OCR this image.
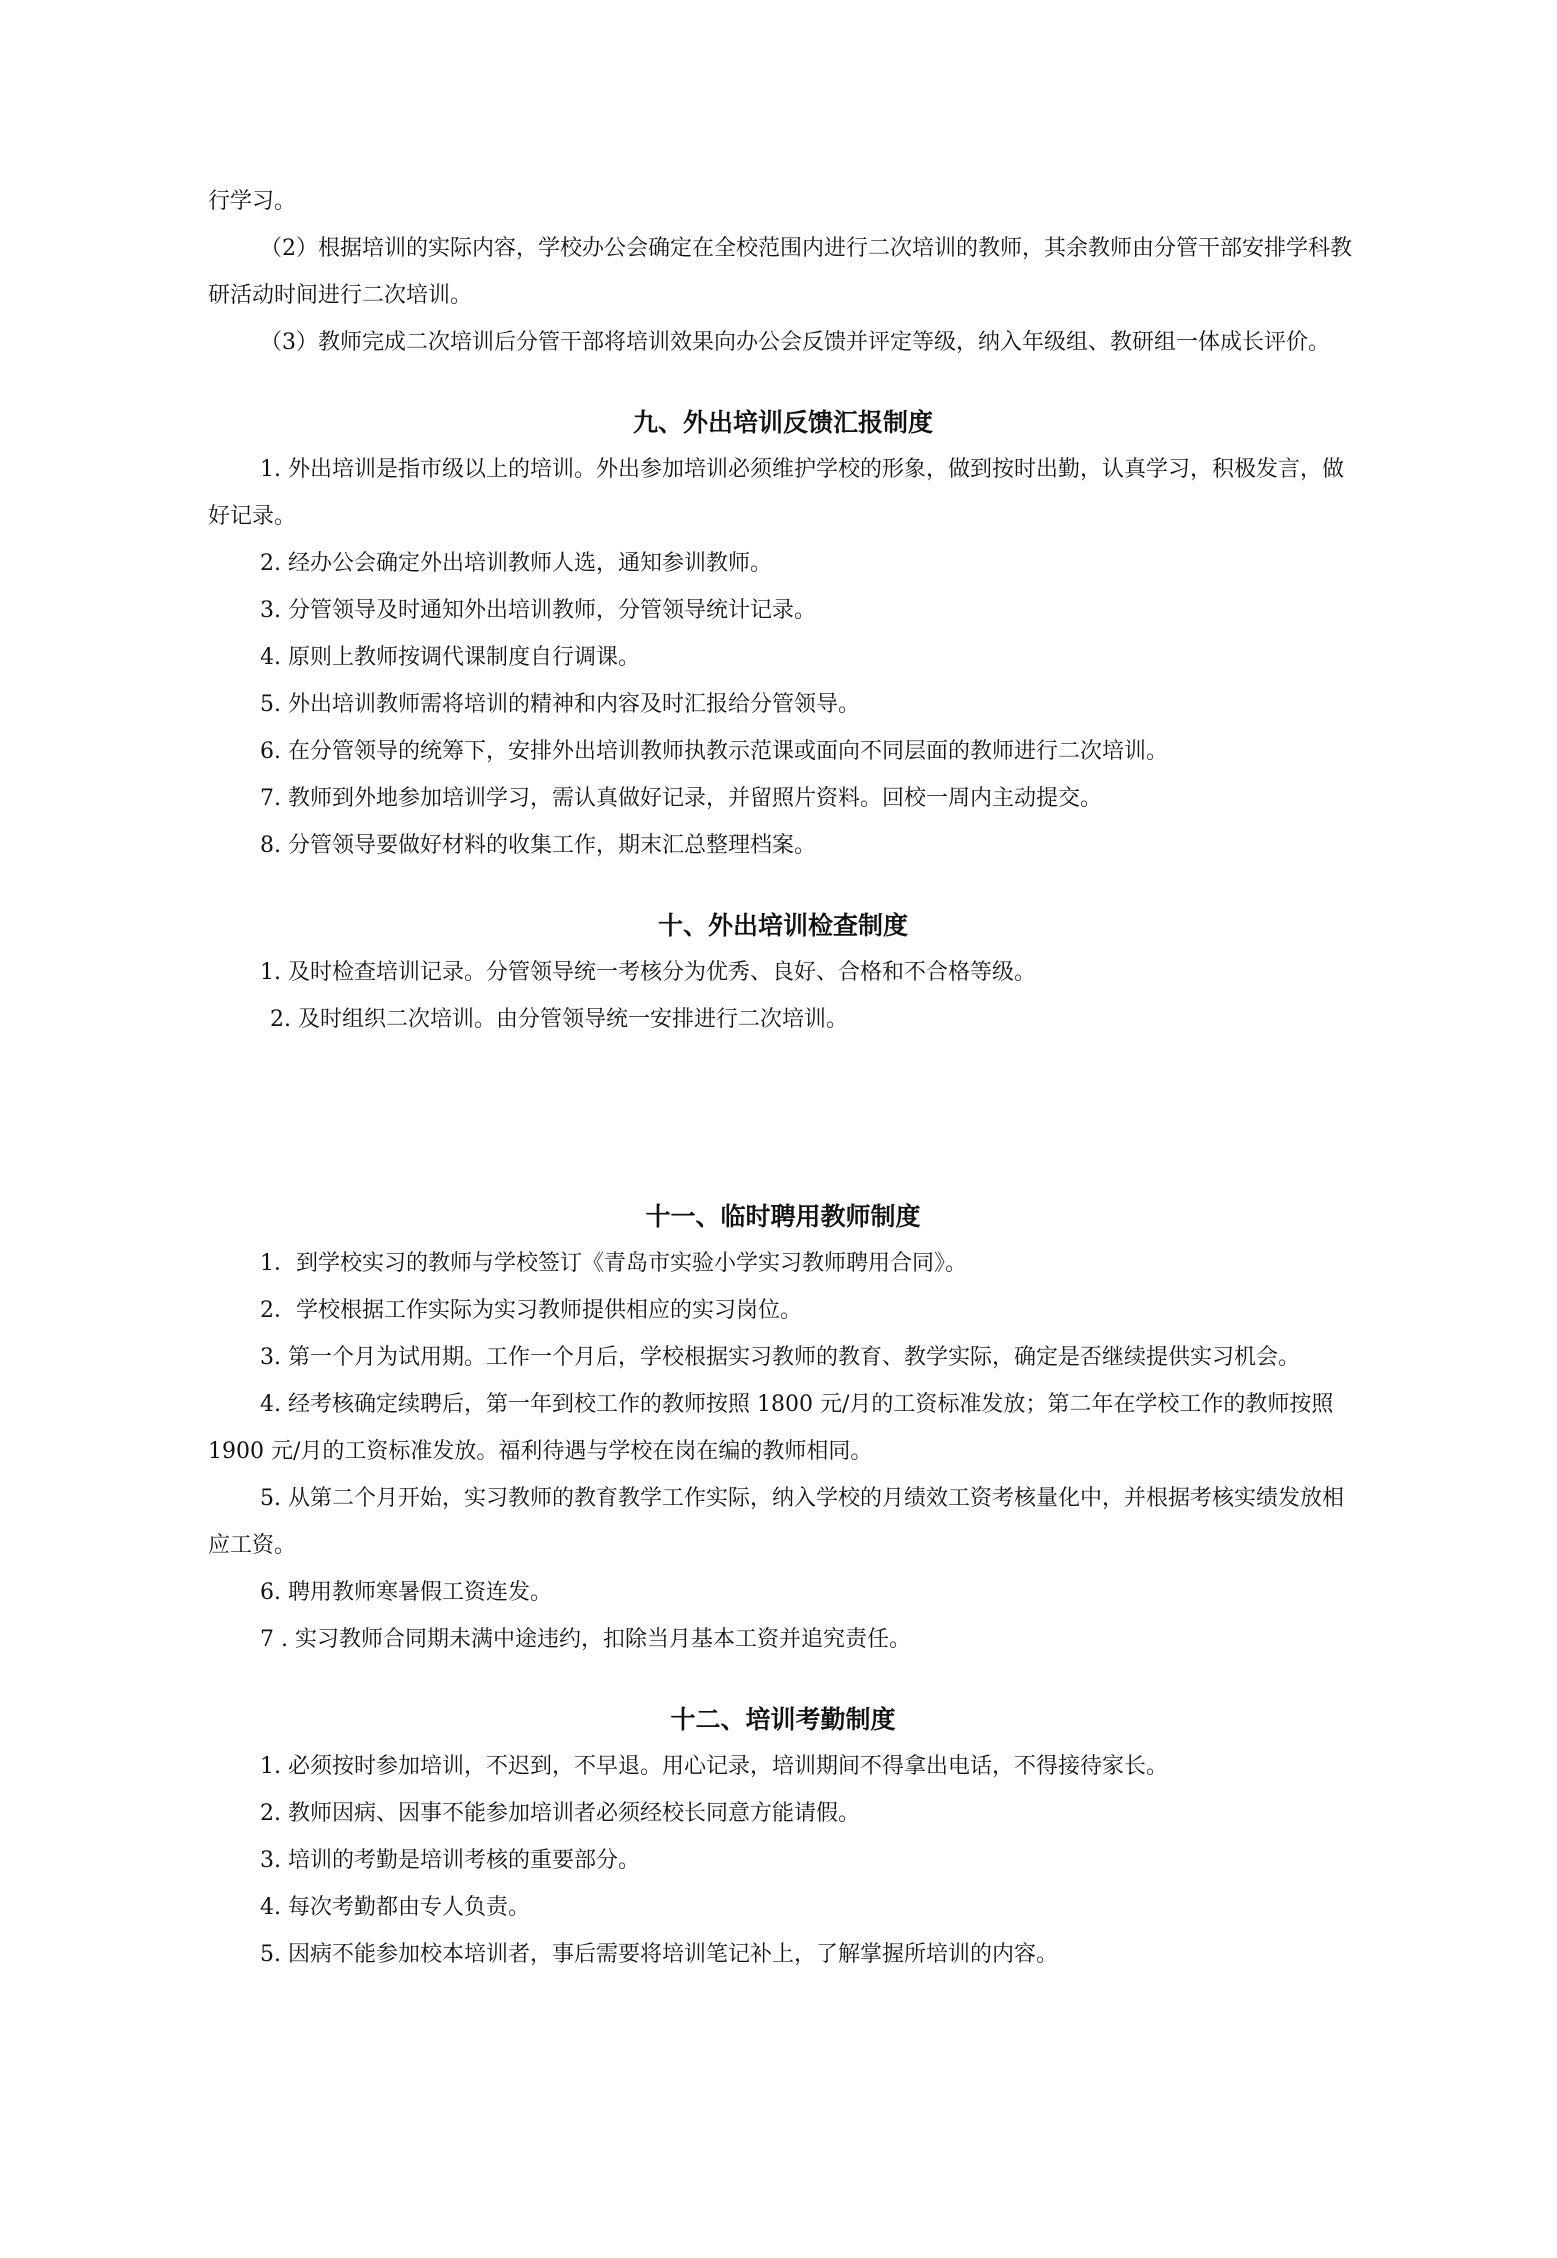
行学习。

（2）根据培训的实际内容，学校办公会确定在全校范围内进行二次培训的教师，其余教师由分管干部安排学科教研活动时间进行二次培训。

（3）教师完成二次培训后分管干部将培训效果向办公会反馈并评定等级，纳入年级组、教研组一体成长评价。

九、外出培训反馈汇报制度

1. 外出培训是指市级以上的培训。外出参加培训必须维护学校的形象，做到按时出勤，认真学习，积极发言，做好记录。

2. 经办公会确定外出培训教师人选，通知参训教师。

3. 分管领导及时通知外出培训教师，分管领导统计记录。

4. 原则上教师按调代课制度自行调课。

5. 外出培训教师需将培训的精神和内容及时汇报给分管领导。

6. 在分管领导的统筹下，安排外出培训教师执教示范课或面向不同层面的教师进行二次培训。

7. 教师到外地参加培训学习，需认真做好记录，并留照片资料。回校一周内主动提交。

8. 分管领导要做好材料的收集工作，期末汇总整理档案。

十、外出培训检查制度

1. 及时检查培训记录。分管领导统一考核分为优秀、良好、合格和不合格等级。

2. 及时组织二次培训。由分管领导统一安排进行二次培训。

十一、临时聘用教师制度

1．到学校实习的教师与学校签订《青岛市实验小学实习教师聘用合同》。

2．学校根据工作实际为实习教师提供相应的实习岗位。

3. 第一个月为试用期。工作一个月后，学校根据实习教师的教育、教学实际，确定是否继续提供实习机会。

4. 经考核确定续聘后，第一年到校工作的教师按照 1800 元/月的工资标准发放；第二年在学校工作的教师按照 1900 元/月的工资标准发放。福利待遇与学校在岗在编的教师相同。

5. 从第二个月开始，实习教师的教育教学工作实际，纳入学校的月绩效工资考核量化中，并根据考核实绩发放相应工资。

6. 聘用教师寒暑假工资连发。

7 . 实习教师合同期未满中途违约，扣除当月基本工资并追究责任。

十二、培训考勤制度

1. 必须按时参加培训，不迟到，不早退。用心记录，培训期间不得拿出电话，不得接待家长。

2. 教师因病、因事不能参加培训者必须经校长同意方能请假。

3. 培训的考勤是培训考核的重要部分。

4. 每次考勤都由专人负责。

5. 因病不能参加校本培训者，事后需要将培训笔记补上，了解掌握所培训的内容。
